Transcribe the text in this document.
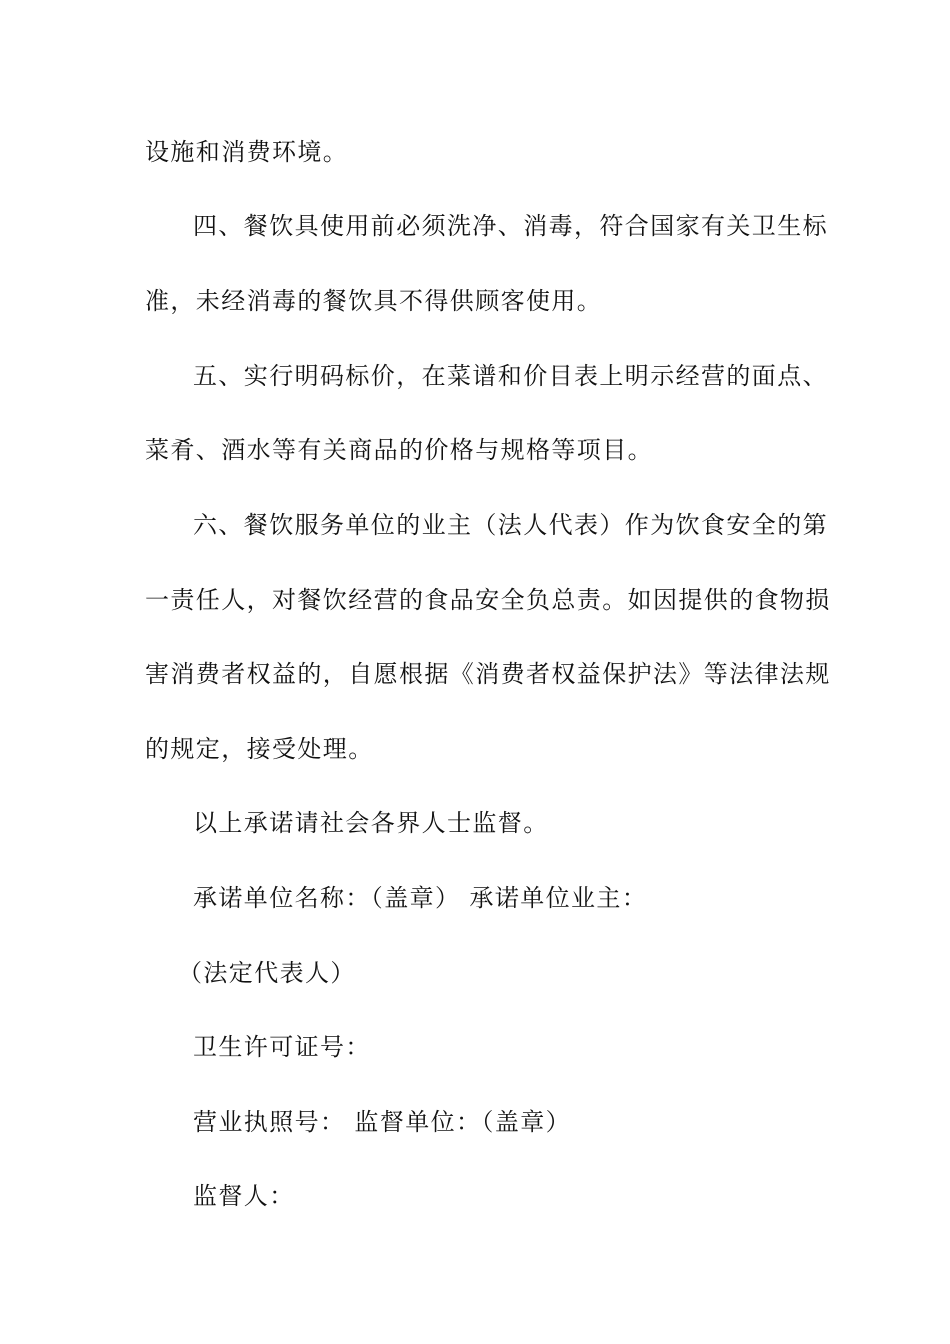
设施和消费环境。
四、餐饮具使用前必须洗净、消毒，符合国家有关卫生标
准，未经消毒的餐饮具不得供顾客使用。
五、实行明码标价，在菜谱和价目表上明示经营的面点、
菜肴、酒水等有关商品的价格与规格等项目。
六、餐饮服务单位的业主（法人代表）作为饮食安全的第
一责任人，对餐饮经营的食品安全负总责。如因提供的食物损
害消费者权益的，自愿根据《消费者权益保护法》等法律法规
的规定，接受处理。
以上承诺请社会各界人士监督。
承诺单位名称：（盖章） 承诺单位业主：
（法定代表人）
卫生许可证号：
营业执照号： 监督单位：（盖章）
监督人：
